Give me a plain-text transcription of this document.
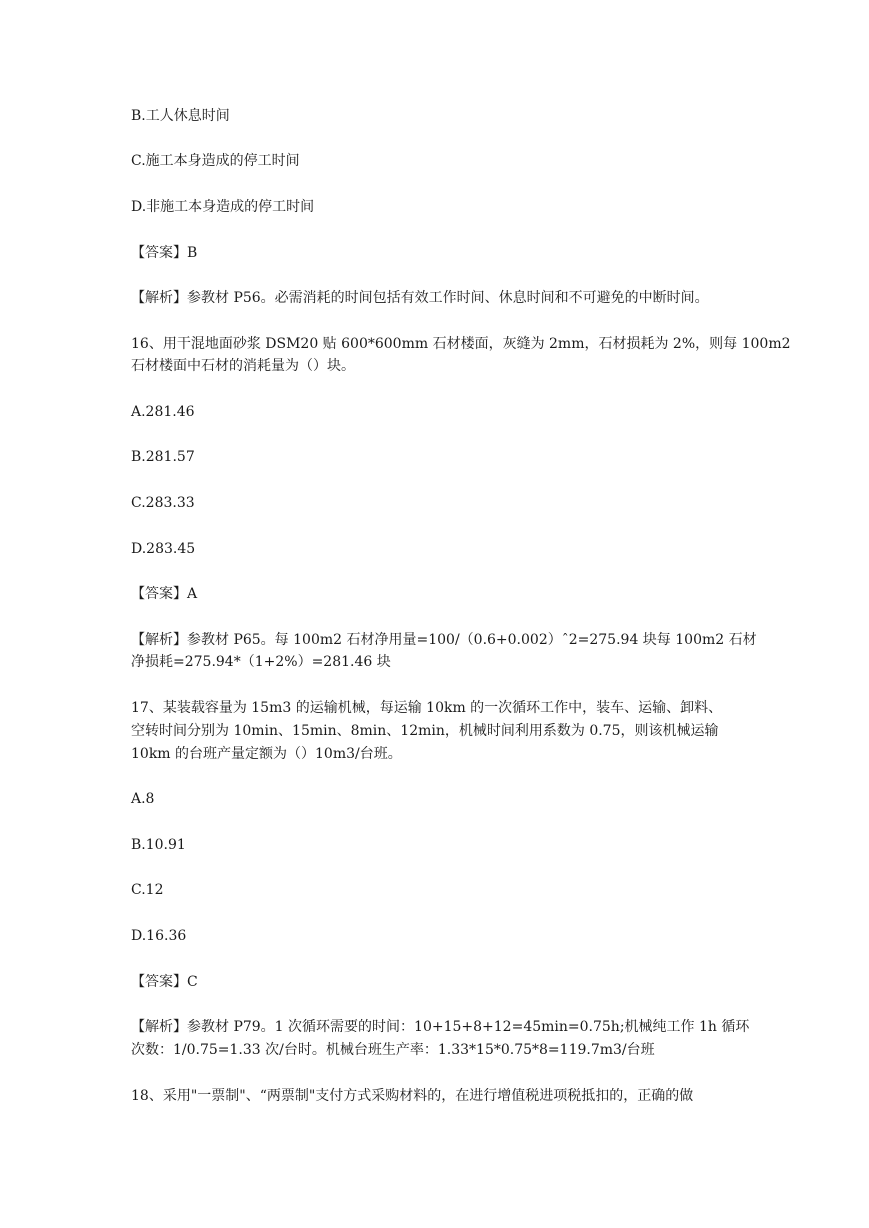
B.工人休息时间
C.施工本身造成的停工时间
D.非施工本身造成的停工时间
【答案】B
【解析】参教材 P56。必需消耗的时间包括有效工作时间、休息时间和不可避免的中断时间。
16、用干混地面砂浆 DSM20 贴 600*600mm 石材楼面，灰缝为 2mm，石材损耗为 2%，则每 100m2
石材楼面中石材的消耗量为（）块。
A.281.46
B.281.57
C.283.33
D.283.45
【答案】A
【解析】参教材 P65。每 100m2 石材净用量=100/（0.6+0.002）ˆ2=275.94 块每 100m2 石材
净损耗=275.94*（1+2%）=281.46 块
17、某装载容量为 15m3 的运输机械，每运输 10km 的一次循环工作中，装车、运输、卸料、
空转时间分别为 10min、15min、8min、12min，机械时间利用系数为 0.75，则该机械运输
10km 的台班产量定额为（）10m3/台班。
A.8
B.10.91
C.12
D.16.36
【答案】C
【解析】参教材 P79。1 次循环需要的时间：10+15+8+12=45min=0.75h;机械纯工作 1h 循环
次数：1/0.75=1.33 次/台时。机械台班生产率：1.33*15*0.75*8=119.7m3/台班
18、采用"一票制"、“两票制"支付方式采购材料的，在进行增值税进项税抵扣的，正确的做
